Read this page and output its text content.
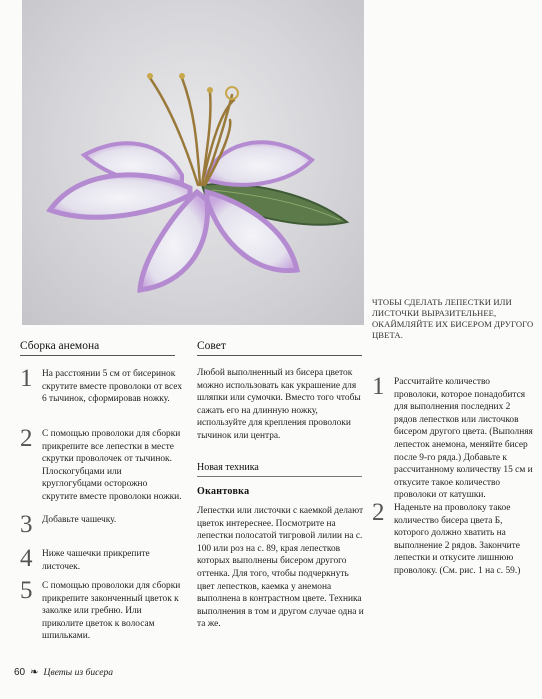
ЧТОБЫ СДЕЛАТЬ ЛЕПЕСТКИ ИЛИ ЛИСТОЧКИ ВЫРАЗИТЕЛЬНЕЕ, ОКАЙМЛЯЙТЕ ИХ БИСЕРОМ ДРУГОГО ЦВЕТА.
Сборка анемона
1	На расстоянии 5 см от бисеринок скрутите вместе проволоки от всех 6 тычинок, сформировав ножку.
2	С помощью проволоки для сборки прикрепите все лепестки в месте скрутки проволочек от тычинок. Плоскогубцами или круглогубцами осторожно скрутите вместе проволоки ножки.
3	Добавьте чашечку.
4	Ниже чашечки прикрепите листочек.
5	С помощью проволоки для сборки прикрепите законченный цветок к заколке или гребню. Или приколите цветок к волосам шпильками.
Совет
Любой выполненный из бисера цветок можно использовать как украшение для шляпки или сумочки. Вместо того чтобы сажать его на длинную ножку, используйте для крепления проволоки тычинок или центра.
Новая техника
Окантовка
Лепестки или листочки с каемкой делают цветок интереснее. Посмотрите на лепестки полосатой тигровой лилии на с. 100 или роз на с. 89, края лепестков которых выполнены бисером другого оттенка. Для того, чтобы подчеркнуть цвет лепестков, каемка у анемона выполнена в контрастном цвете. Техника выполнения в том и другом случае одна и та же.
1	Рассчитайте количество проволоки, которое понадобится для выполнения последних 2 рядов лепестков или листочков бисером другого цвета. (Выполняя лепесток анемона, меняйте бисер после 9-го ряда.) Добавьте к рассчитанному количеству 15 см и откусите такое количество проволоки от катушки.
2	Наденьте на проволоку такое количество бисера цвета Б, которого должно хватить на выполнение 2 рядов. Закончите лепестки и откусите лишнюю проволоку. (См. рис. 1 на с. 59.)
60 ❧ Цветы из бисера
